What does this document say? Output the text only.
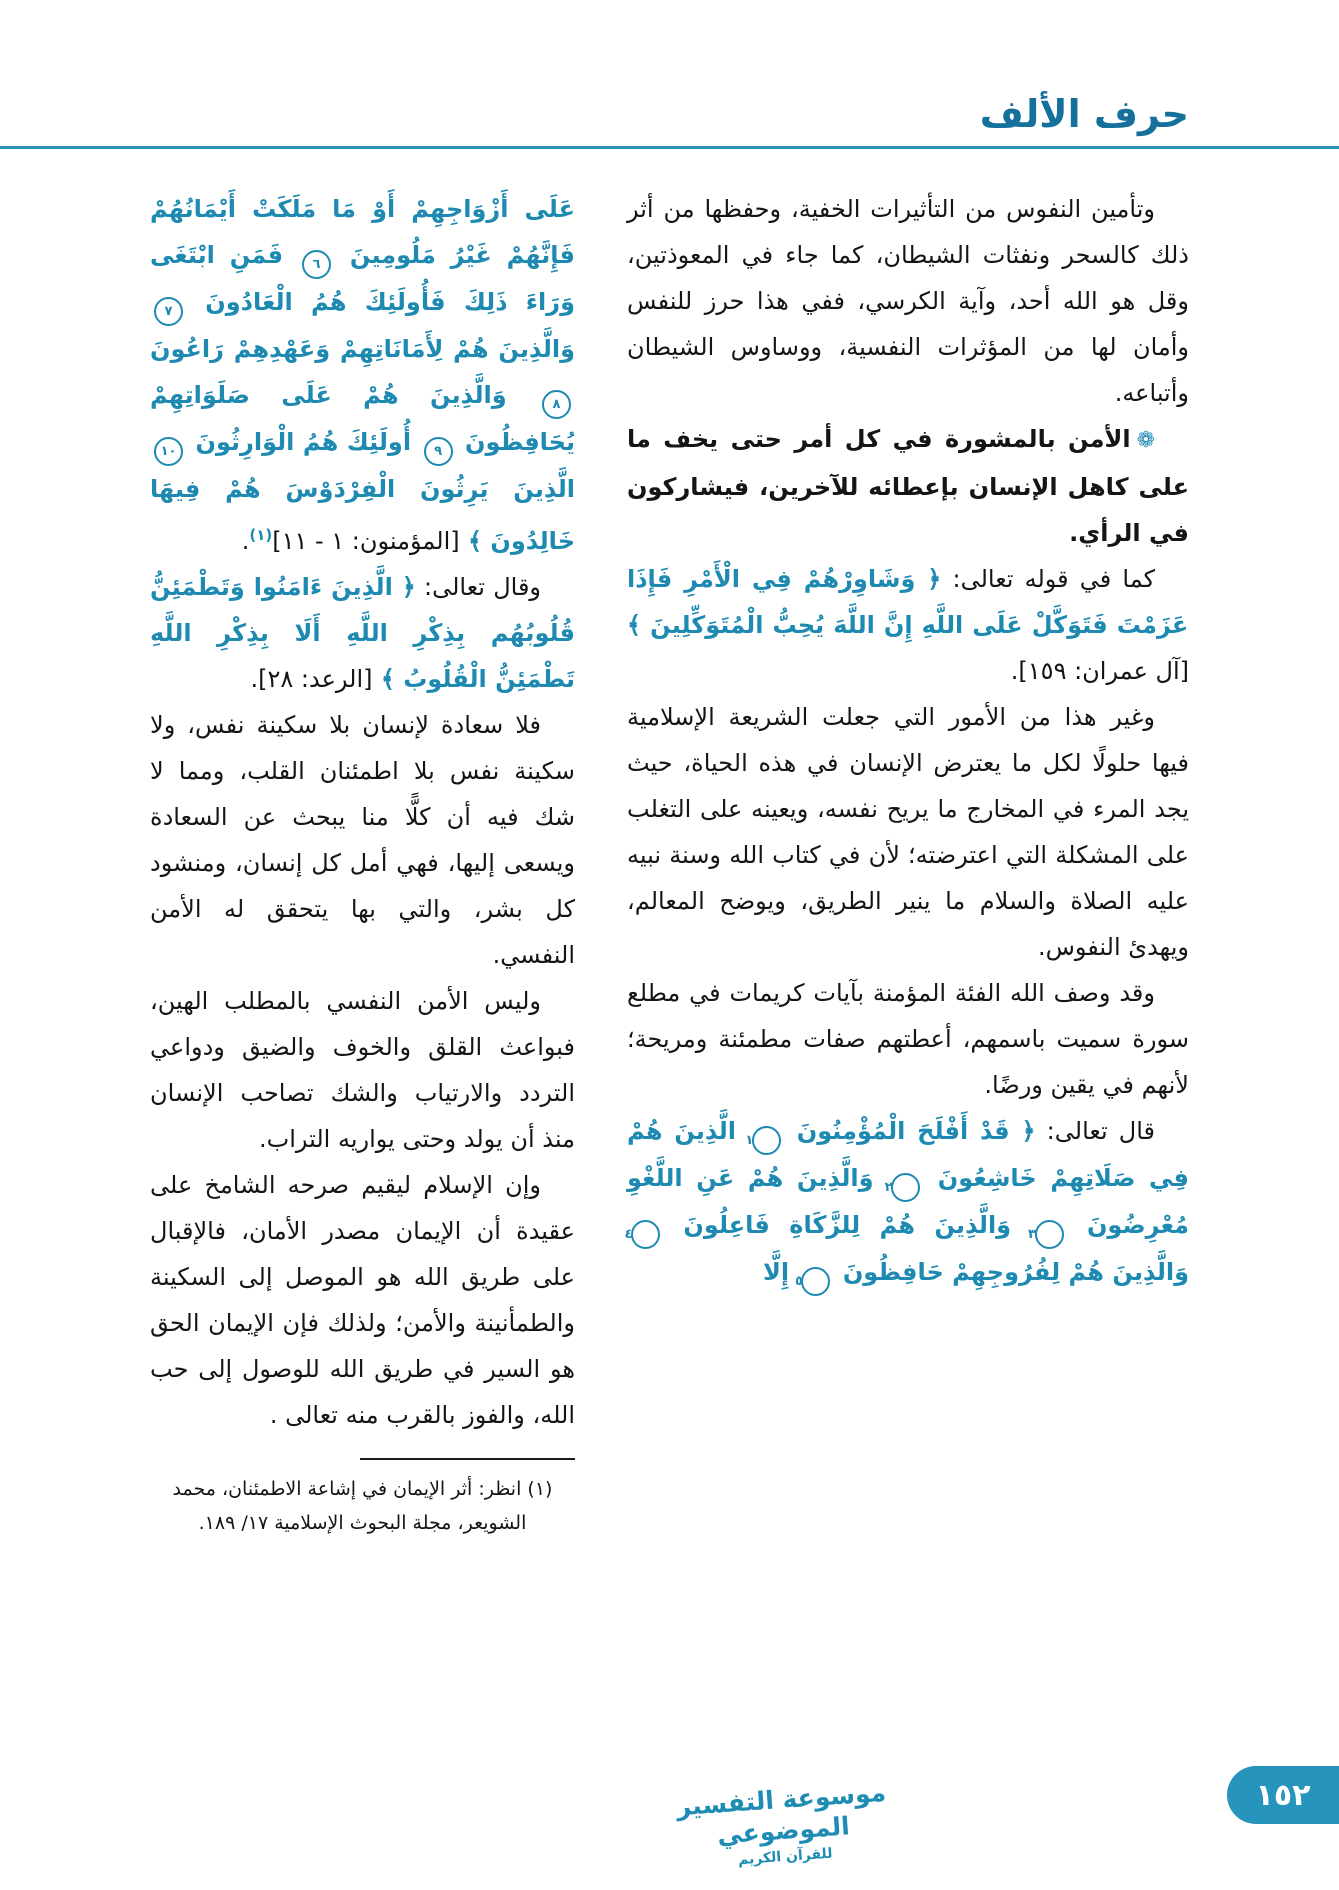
حرف الألف

وتأمين النفوس من التأثيرات الخفية، وحفظها من أثر ذلك كالسحر ونفثات الشيطان، كما جاء في المعوذتين، وقل هو الله أحد، وآية الكرسي، ففي هذا حرز للنفس وأمان لها من المؤثرات النفسية، ووساوس الشيطان وأتباعه.

❁الأمن بالمشورة في كل أمر حتى يخف ما على كاهل الإنسان بإعطائه للآخرين، فيشاركون في الرأي.

كما في قوله تعالى: ﴿ وَشَاوِرْهُمْ فِي الْأَمْرِ فَإِذَا عَزَمْتَ فَتَوَكَّلْ عَلَى اللَّهِ إِنَّ اللَّهَ يُحِبُّ الْمُتَوَكِّلِينَ ﴾ [آل عمران: ١٥٩].

وغير هذا من الأمور التي جعلت الشريعة الإسلامية فيها حلولًا لكل ما يعترض الإنسان في هذه الحياة، حيث يجد المرء في المخارج ما يريح نفسه، ويعينه على التغلب على المشكلة التي اعترضته؛ لأن في كتاب الله وسنة نبيه عليه الصلاة والسلام ما ينير الطريق، ويوضح المعالم، ويهدئ النفوس.

وقد وصف الله الفئة المؤمنة بآيات كريمات في مطلع سورة سميت باسمهم، أعطتهم صفات مطمئنة ومريحة؛ لأنهم في يقين ورضًا.

قال تعالى: ﴿ قَدْ أَفْلَحَ الْمُؤْمِنُونَ ١ الَّذِينَ هُمْ فِي صَلَاتِهِمْ خَاشِعُونَ ٢ وَالَّذِينَ هُمْ عَنِ اللَّغْوِ مُعْرِضُونَ ٣ وَالَّذِينَ هُمْ لِلزَّكَاةِ فَاعِلُونَ ٤ وَالَّذِينَ هُمْ لِفُرُوجِهِمْ حَافِظُونَ ٥ إِلَّا

عَلَى أَزْوَاجِهِمْ أَوْ مَا مَلَكَتْ أَيْمَانُهُمْ فَإِنَّهُمْ غَيْرُ مَلُومِينَ ٦ فَمَنِ ابْتَغَى وَرَاءَ ذَلِكَ فَأُولَئِكَ هُمُ الْعَادُونَ ٧ وَالَّذِينَ هُمْ لِأَمَانَاتِهِمْ وَعَهْدِهِمْ رَاعُونَ ٨ وَالَّذِينَ هُمْ عَلَى صَلَوَاتِهِمْ يُحَافِظُونَ ٩ أُولَئِكَ هُمُ الْوَارِثُونَ ١٠ الَّذِينَ يَرِثُونَ الْفِرْدَوْسَ هُمْ فِيهَا خَالِدُونَ ﴾ [المؤمنون: ١ - ١١]$^{(١)}$.

وقال تعالى: ﴿ الَّذِينَ ءَامَنُوا وَتَطْمَئِنُّ قُلُوبُهُم بِذِكْرِ اللَّهِ أَلَا بِذِكْرِ اللَّهِ تَطْمَئِنُّ الْقُلُوبُ ﴾ [الرعد: ٢٨].

فلا سعادة لإنسان بلا سكينة نفس، ولا سكينة نفس بلا اطمئنان القلب، ومما لا شك فيه أن كلًّا منا يبحث عن السعادة ويسعى إليها، فهي أمل كل إنسان، ومنشود كل بشر، والتي بها يتحقق له الأمن النفسي.

وليس الأمن النفسي بالمطلب الهين، فبواعث القلق والخوف والضيق ودواعي التردد والارتياب والشك تصاحب الإنسان منذ أن يولد وحتى يواريه التراب.

وإن الإسلام ليقيم صرحه الشامخ على عقيدة أن الإيمان مصدر الأمان، فالإقبال على طريق الله هو الموصل إلى السكينة والطمأنينة والأمن؛ ولذلك فإن الإيمان الحق هو السير في طريق الله للوصول إلى حب الله، والفوز بالقرب منه تعالى .

(١) انظر: أثر الإيمان في إشاعة الاطمئنان، محمد الشويعر، مجلة البحوث الإسلامية ١٧/ ١٨٩.

موسوعة التفسير الموضوعي
للقرآن الكريم
١٥٢
